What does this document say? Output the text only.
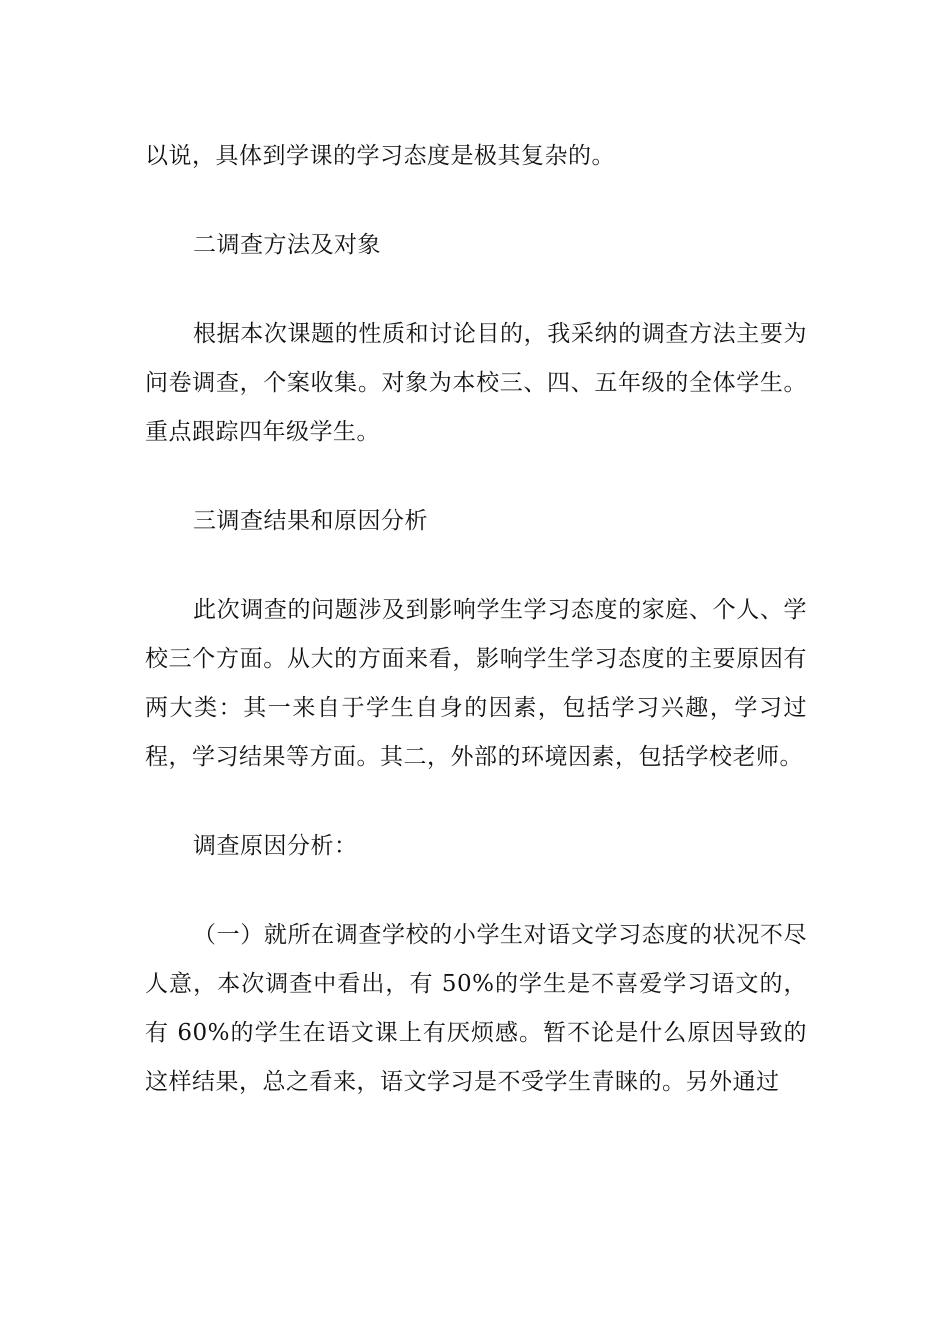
以说，具体到学课的学习态度是极其复杂的。

二调查方法及对象

根据本次课题的性质和讨论目的，我采纳的调查方法主要为问卷调查，个案收集。对象为本校三、四、五年级的全体学生。重点跟踪四年级学生。

三调查结果和原因分析

此次调查的问题涉及到影响学生学习态度的家庭、个人、学校三个方面。从大的方面来看，影响学生学习态度的主要原因有两大类：其一来自于学生自身的因素，包括学习兴趣，学习过程，学习结果等方面。其二，外部的环境因素，包括学校老师。

调查原因分析：

（一）就所在调查学校的小学生对语文学习态度的状况不尽人意，本次调查中看出，有 50%的学生是不喜爱学习语文的，有 60%的学生在语文课上有厌烦感。暂不论是什么原因导致的这样结果，总之看来，语文学习是不受学生青睐的。另外通过
